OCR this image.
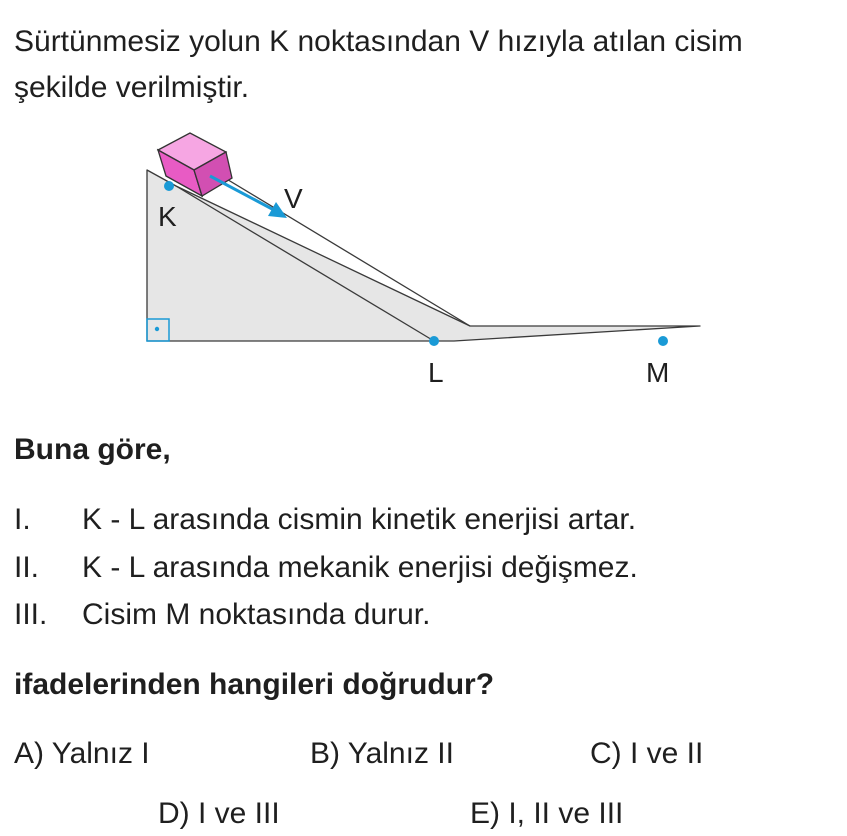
Sürtünmesiz yolun K noktasından V hızıyla atılan cisim
şekilde verilmiştir.
K
V
L	M
Buna göre,
I. K - L arasında cismin kinetik enerjisi artar.
II. K - L arasında mekanik enerjisi değişmez.
III. Cisim M noktasında durur.
ifadelerinden hangileri doğrudur?
A) Yalnız I	B) Yalnız II	C) I ve II
D) I ve III	E) I, II ve III
